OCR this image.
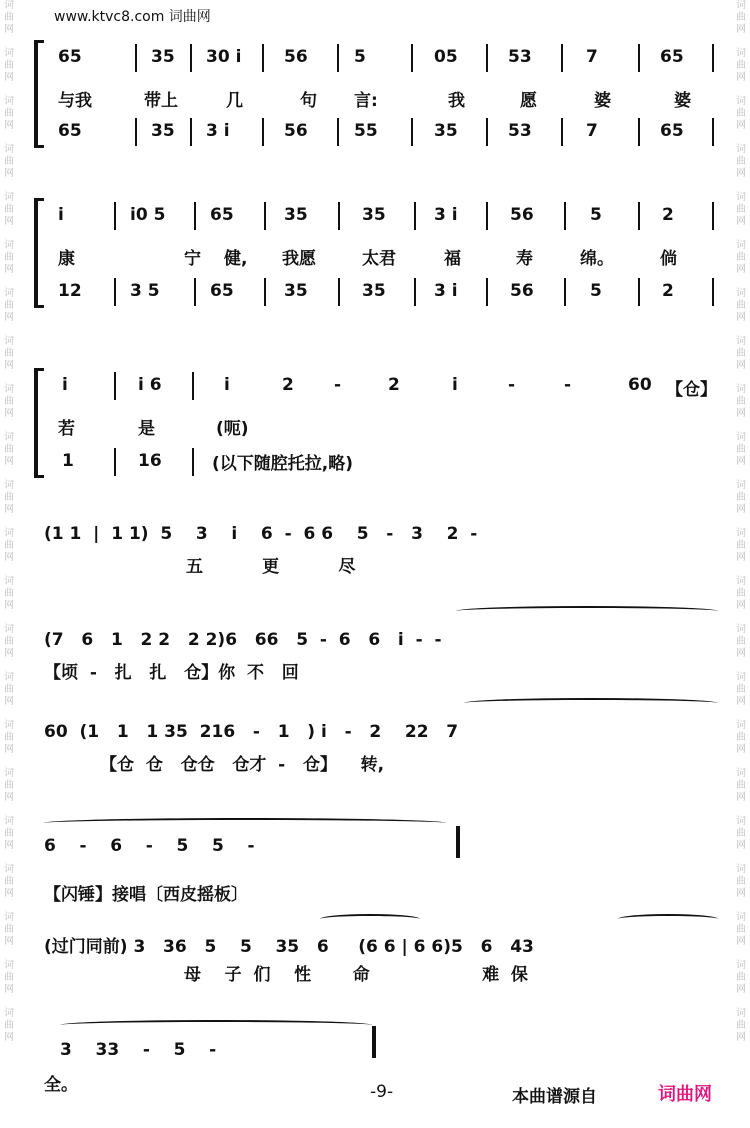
词
曲
网

词
曲
网

词
曲
网

词
曲
网

词
曲
网

词
曲
网

词
曲
网

词
曲
网

词
曲
网

词
曲
网

词
曲
网

词
曲
网

词
曲
网

词
曲
网

词
曲
网

词
曲
网

词
曲
网

词
曲
网

词
曲
网

词
曲
网

词
曲
网

词
曲
网
词
曲
网

词
曲
网

词
曲
网

词
曲
网

词
曲
网

词
曲
网

词
曲
网

词
曲
网

词
曲
网

词
曲
网

词
曲
网

词
曲
网

词
曲
网

词
曲
网

词
曲
网

词
曲
网

词
曲
网

词
曲
网

词
曲
网

词
曲
网

词
曲
网

词
曲
网
www.ktvc8.com 词曲网
65	35 30 i	56	5	05	53	7	65
与我	带上	几	句 言:	我	愿	婆	婆
65	35 3 i	56	55	35	53	7	65
i	i0 5	65	35	35	3 i	56	5	2
康	宁 健, 我愿	太君	福	寿	绵。	倘
12	3 5	65	35	35	3 i	56	5	2
i	i 6	i	2 -	2	i	-	-	60 【仓】
若	是	(呃)
1	16	(以下随腔托拉,略)
(1 1  |  1 1)  5    3    i    6  -  6 6    5   -   3    2  -
五          更          尽
(7   6   1   2 2   2 2)6   66   5  -  6   6   i  -  -
【顷  -   扎   扎   仓】你  不   回
60  (1   1   1 35  216   -   1   ) i   -   2    22   7
【仓  仓   仓仓   仓才  -   仓】    转,
6    -    6    -    5    5    -
【闪锤】接唱〔西皮摇板〕
(过门同前) 3   36   5    5    35   6     (6 6 | 6 6)5   6   43
母    子  们    性       命                   难  保
3    33    -    5    -
全。	-9-	本曲谱源自	词曲网
